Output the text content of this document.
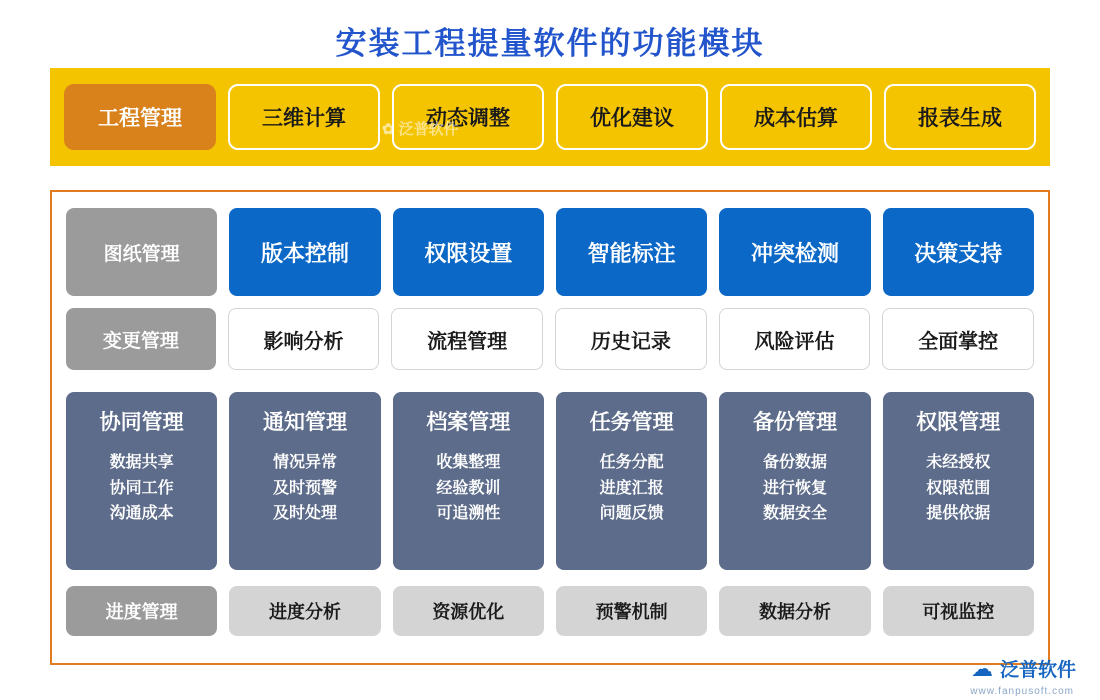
安装工程提量软件的功能模块
工程管理	三维计算	动态调整	优化建议	成本估算	报表生成
✿ 泛普软件
图纸管理	版本控制	权限设置	智能标注	冲突检测	决策支持
变更管理	影响分析	流程管理	历史记录	风险评估	全面掌控
协同管理
数据共享
协同工作
沟通成本
通知管理
情况异常
及时预警
及时处理
档案管理
收集整理
经验教训
可追溯性
任务管理
任务分配
进度汇报
问题反馈
备份管理
备份数据
进行恢复
数据安全
权限管理
未经授权
权限范围
提供依据
进度管理	进度分析	资源优化	预警机制	数据分析	可视监控
☁ 泛普软件
www.fanpusoft.com
